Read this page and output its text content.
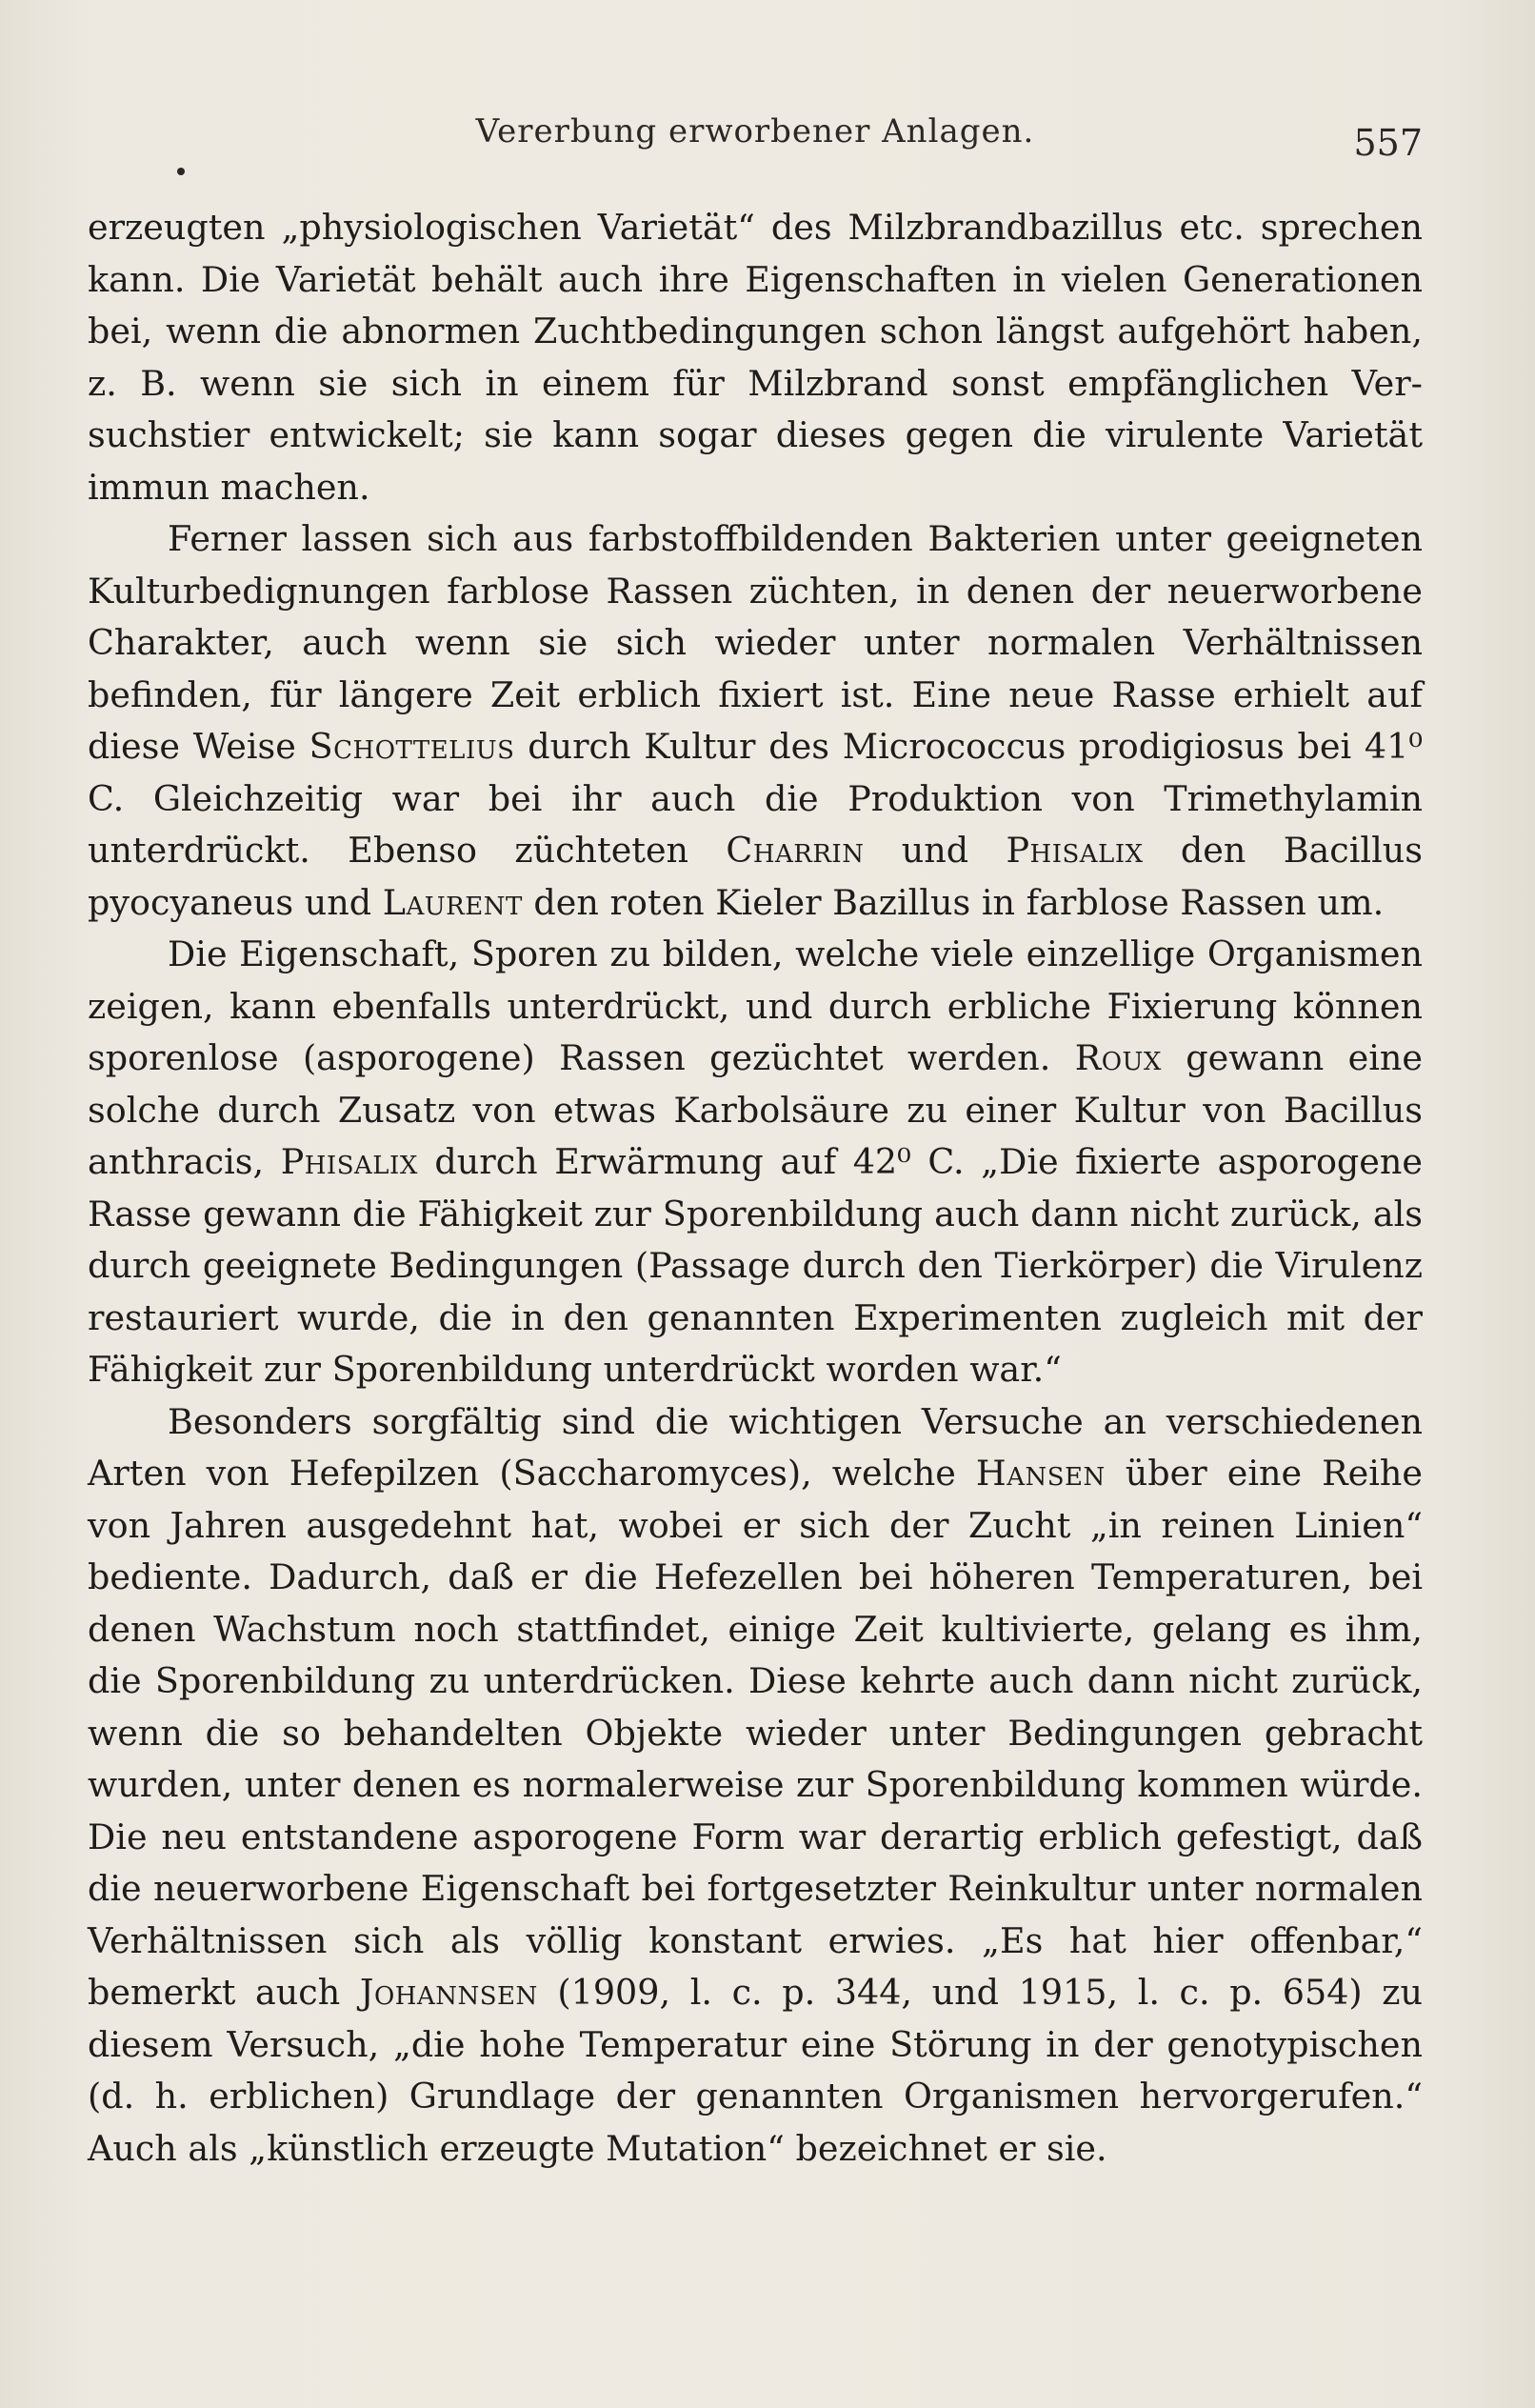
Vererbung erworbener Anlagen.	557

erzeugten „physiologischen Varietät“ des Milzbrandbazillus etc. sprechen kann. Die Varietät behält auch ihre Eigenschaften in vielen Generationen bei, wenn die abnormen Zuchtbedingungen schon längst aufgehört haben, z. B. wenn sie sich in einem für Milzbrand sonst empfänglichen Versuchstier entwickelt; sie kann sogar dieses gegen die virulente Varietät immun machen.

Ferner lassen sich aus farbstoffbildenden Bakterien unter geeigneten Kulturbedignungen farblose Rassen züchten, in denen der neuerworbene Charakter, auch wenn sie sich wieder unter normalen Verhältnissen befinden, für längere Zeit erblich fixiert ist. Eine neue Rasse erhielt auf diese Weise Schottelius durch Kultur des Micrococcus prodigiosus bei 41⁰ C. Gleichzeitig war bei ihr auch die Produktion von Trimethylamin unterdrückt. Ebenso züchteten Charrin und Phisalix den Bacillus pyocyaneus und Laurent den roten Kieler Bazillus in farblose Rassen um.

Die Eigenschaft, Sporen zu bilden, welche viele einzellige Organismen zeigen, kann ebenfalls unterdrückt, und durch erbliche Fixierung können sporenlose (asporogene) Rassen gezüchtet werden. Roux gewann eine solche durch Zusatz von etwas Karbolsäure zu einer Kultur von Bacillus anthracis, Phisalix durch Erwärmung auf 42⁰ C. „Die fixierte asporogene Rasse gewann die Fähigkeit zur Sporenbildung auch dann nicht zurück, als durch geeignete Bedingungen (Passage durch den Tierkörper) die Virulenz restauriert wurde, die in den genannten Experimenten zugleich mit der Fähigkeit zur Sporenbildung unterdrückt worden war.“

Besonders sorgfältig sind die wichtigen Versuche an verschiedenen Arten von Hefepilzen (Saccharomyces), welche Hansen über eine Reihe von Jahren ausgedehnt hat, wobei er sich der Zucht „in reinen Linien“ bediente. Dadurch, daß er die Hefezellen bei höheren Temperaturen, bei denen Wachstum noch stattfindet, einige Zeit kultivierte, gelang es ihm, die Sporenbildung zu unterdrücken. Diese kehrte auch dann nicht zurück, wenn die so behandelten Objekte wieder unter Bedingungen gebracht wurden, unter denen es normalerweise zur Sporenbildung kommen würde. Die neu entstandene asporogene Form war derartig erblich gefestigt, daß die neuerworbene Eigenschaft bei fortgesetzter Reinkultur unter normalen Verhältnissen sich als völlig konstant erwies. „Es hat hier offenbar,“ bemerkt auch Johannsen (1909, l. c. p. 344, und 1915, l. c. p. 654) zu diesem Versuch, „die hohe Temperatur eine Störung in der genotypischen (d. h. erblichen) Grundlage der genannten Organismen hervorgerufen.“ Auch als „künstlich erzeugte Mutation“ bezeichnet er sie.
